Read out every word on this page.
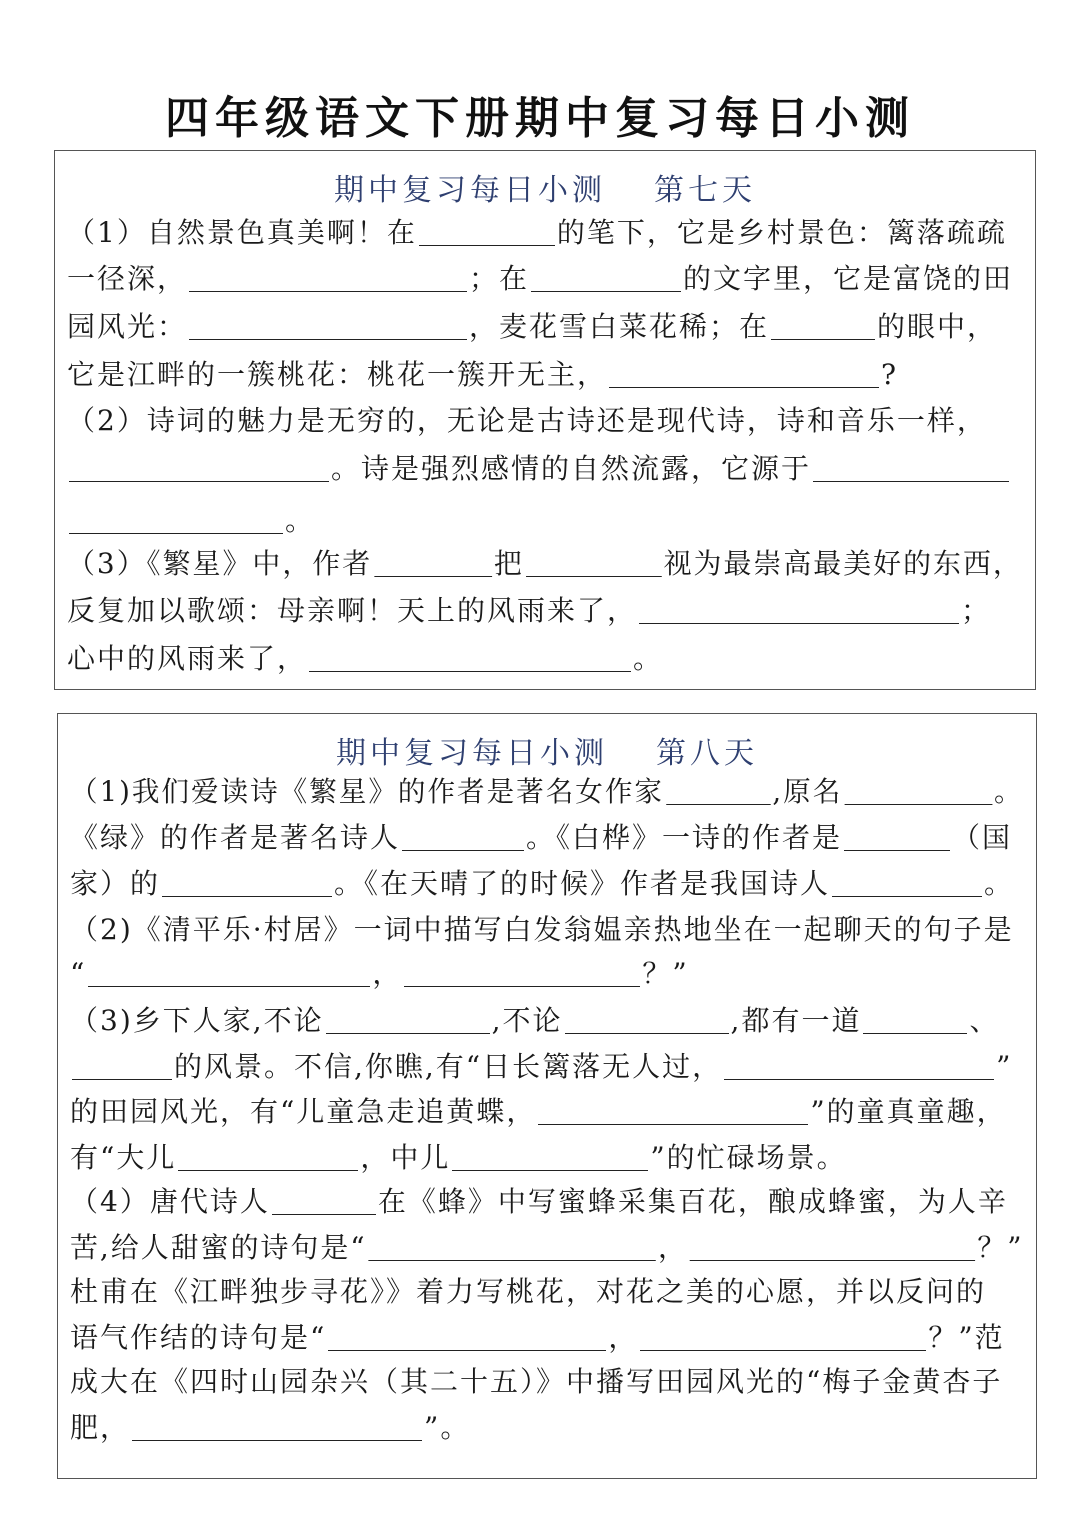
四年级语文下册期中复习每日小测
期中复习每日小测 第七天
（1）自然景色真美啊！在	的笔下，它是乡村景色：篱落疏疏
一径深，	；在	的文字里，它是富饶的田
园风光：	，麦花雪白菜花稀；在	的眼中，
它是江畔的一簇桃花：桃花一簇开无主，	?
（2）诗词的魅力是无穷的，无论是古诗还是现代诗，诗和音乐一样，
。诗是强烈感情的自然流露，它源于
。
（3）《繁星》中，作者	把	视为最崇高最美好的东西，
反复加以歌颂：母亲啊！天上的风雨来了，	；
心中的风雨来了，	。
期中复习每日小测 第八天
（1)我们爱读诗《繁星》的作者是著名女作家	,原名	。
《绿》的作者是著名诗人	。《白桦》一诗的作者是	（国
家）的	。《在天晴了的时候》作者是我国诗人	。
（2)《清平乐·村居》一词中描写白发翁媪亲热地坐在一起聊天的句子是
“	，	？”
（3)乡下人家,不论	,不论	,都有一道	、
的风景。不信,你瞧,有“日长篱落无人过，	”
的田园风光，有“儿童急走追黄蝶，	”的童真童趣，
有“大儿	，中儿	”的忙碌场景。
（4）唐代诗人	在《蜂》中写蜜蜂采集百花，酿成蜂蜜，为人辛
苦,给人甜蜜的诗句是“	，	？”
杜甫在《江畔独步寻花》》着力写桃花，对花之美的心愿，并以反问的
语气作结的诗句是“	，	？”范
成大在《四时山园杂兴（其二十五）》中播写田园风光的“梅子金黄杏子
肥，	”。
